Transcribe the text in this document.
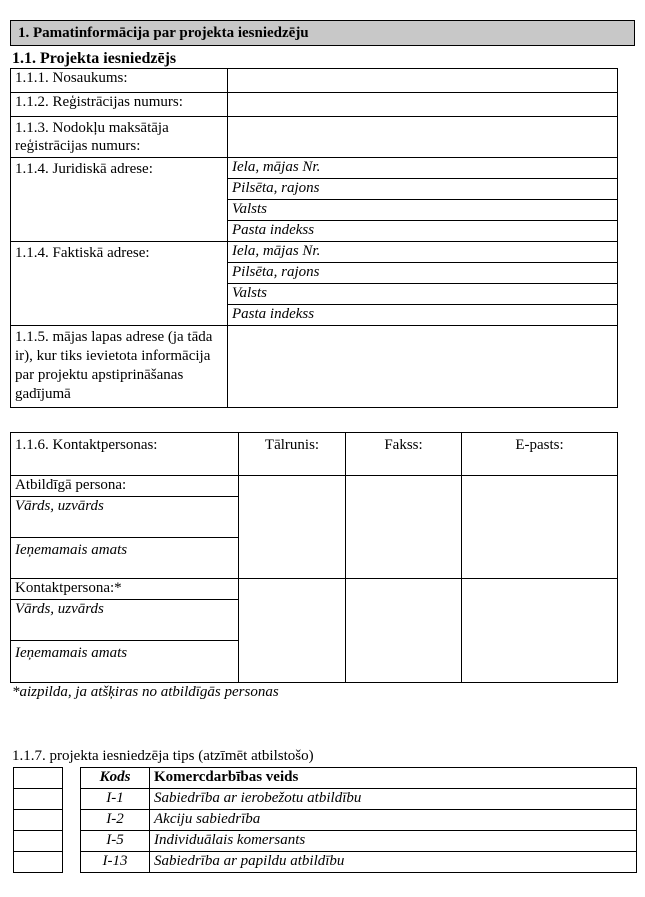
1. Pamatinformācija par projekta iesniedzēju
1.1. Projekta iesniedzējs
1.1.1. Nosaukums:	
1.1.2. Reģistrācijas numurs:	
1.1.3. Nodokļu maksātāja reģistrācijas numurs:	
1.1.4. Juridiskā adrese:	Iela, mājas Nr.
	Pilsēta, rajons
	Valsts
	Pasta indekss
1.1.4. Faktiskā adrese:	Iela, mājas Nr.
	Pilsēta, rajons
	Valsts
	Pasta indekss
1.1.5. mājas lapas adrese (ja tāda ir), kur tiks ievietota informācija par projektu apstiprināšanas gadījumā	
1.1.6. Kontaktpersonas:	Tālrunis:	Fakss:	E-pasts:
Atbildīgā persona:			
Vārds, uzvārds			
Ieņemamais amats			
Kontaktpersona:*			
Vārds, uzvārds			
Ieņemamais amats			
*aizpilda, ja atšķiras no atbildīgās personas
1.1.7. projekta iesniedzēja tips (atzīmēt atbilstošo)

Kods	Komercdarbības veids
I-1	Sabiedrība ar ierobežotu atbildību
I-2	Akciju sabiedrība
I-5	Individuālais komersants
I-13	Sabiedrība ar papildu atbildību
